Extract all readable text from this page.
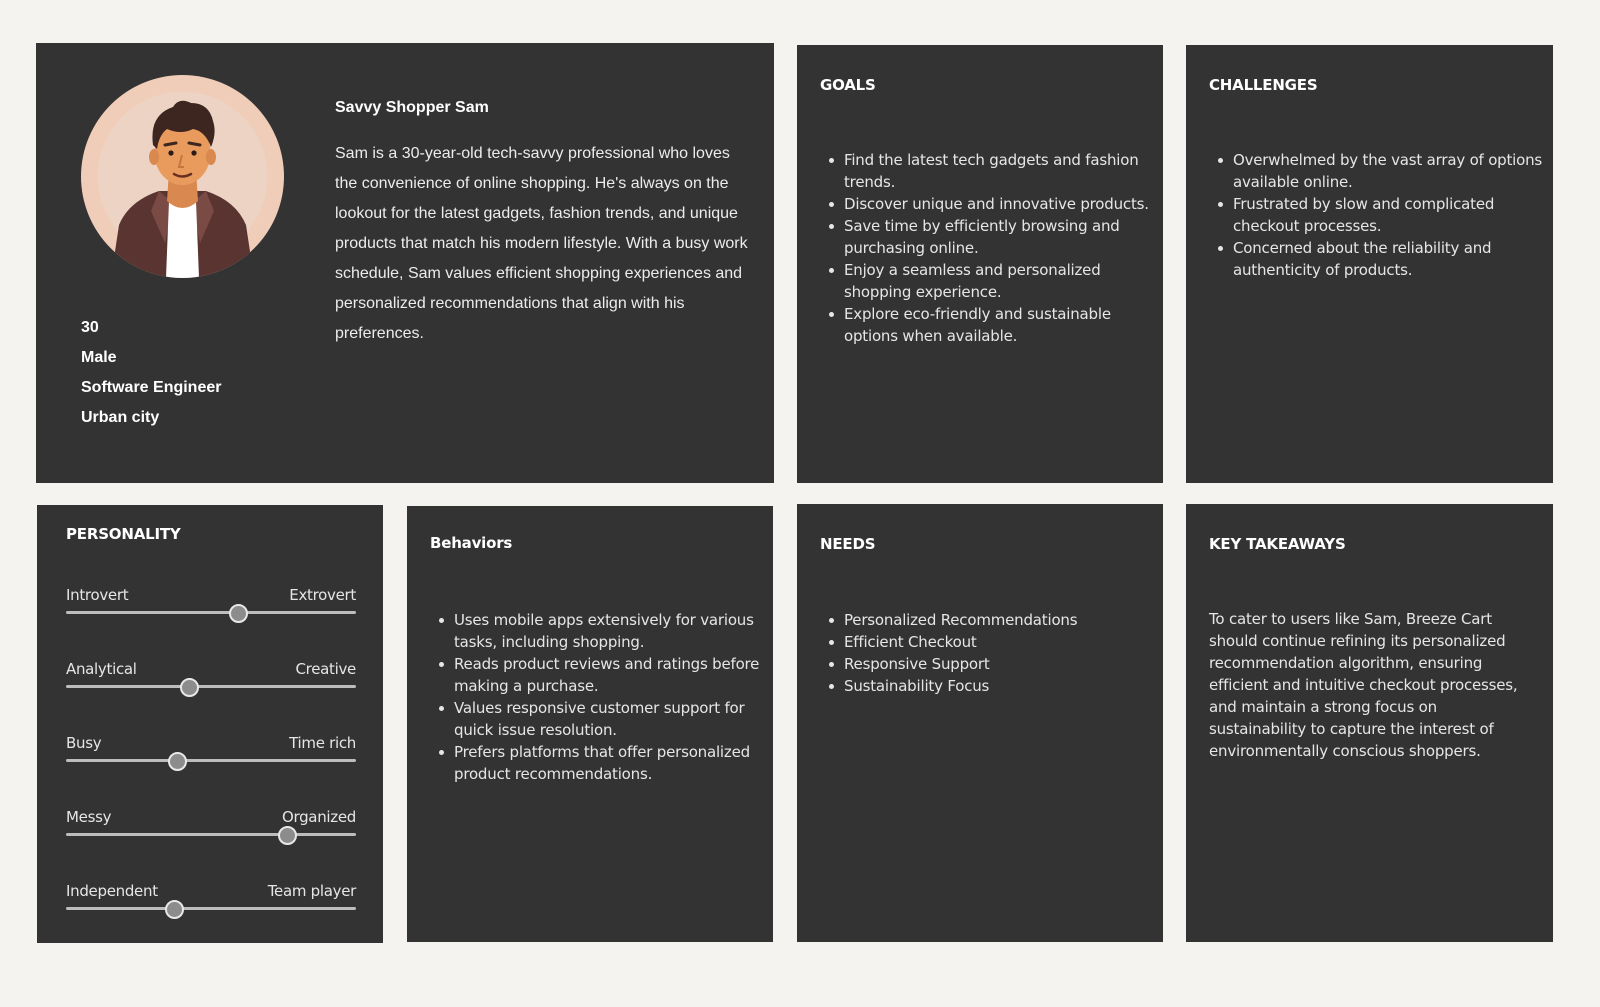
Savvy Shopper Sam

Sam is a 30-year-old tech-savvy professional who loves the convenience of online shopping. He's always on the lookout for the latest gadgets, fashion trends, and unique products that match his modern lifestyle. With a busy work schedule, Sam values efficient shopping experiences and personalized recommendations that align with his preferences.

30
Male
Software Engineer
Urban city
GOALS
Find the latest tech gadgets and fashion trends.
Discover unique and innovative products.
Save time by efficiently browsing and purchasing online.
Enjoy a seamless and personalized shopping experience.
Explore eco-friendly and sustainable options when available.
CHALLENGES
Overwhelmed by the vast array of options available online.
Frustrated by slow and complicated checkout processes.
Concerned about the reliability and authenticity of products.
PERSONALITY
Introvert	Extrovert
Analytical	Creative
Busy	Time rich
Messy	Organized
Independent	Team player
Behaviors
Uses mobile apps extensively for various tasks, including shopping.
Reads product reviews and ratings before making a purchase.
Values responsive customer support for quick issue resolution.
Prefers platforms that offer personalized product recommendations.
NEEDS
Personalized Recommendations
Efficient Checkout
Responsive Support
Sustainability Focus
KEY TAKEAWAYS

To cater to users like Sam, Breeze Cart should continue refining its personalized recommendation algorithm, ensuring efficient and intuitive checkout processes, and maintain a strong focus on sustainability to capture the interest of environmentally conscious shoppers.
